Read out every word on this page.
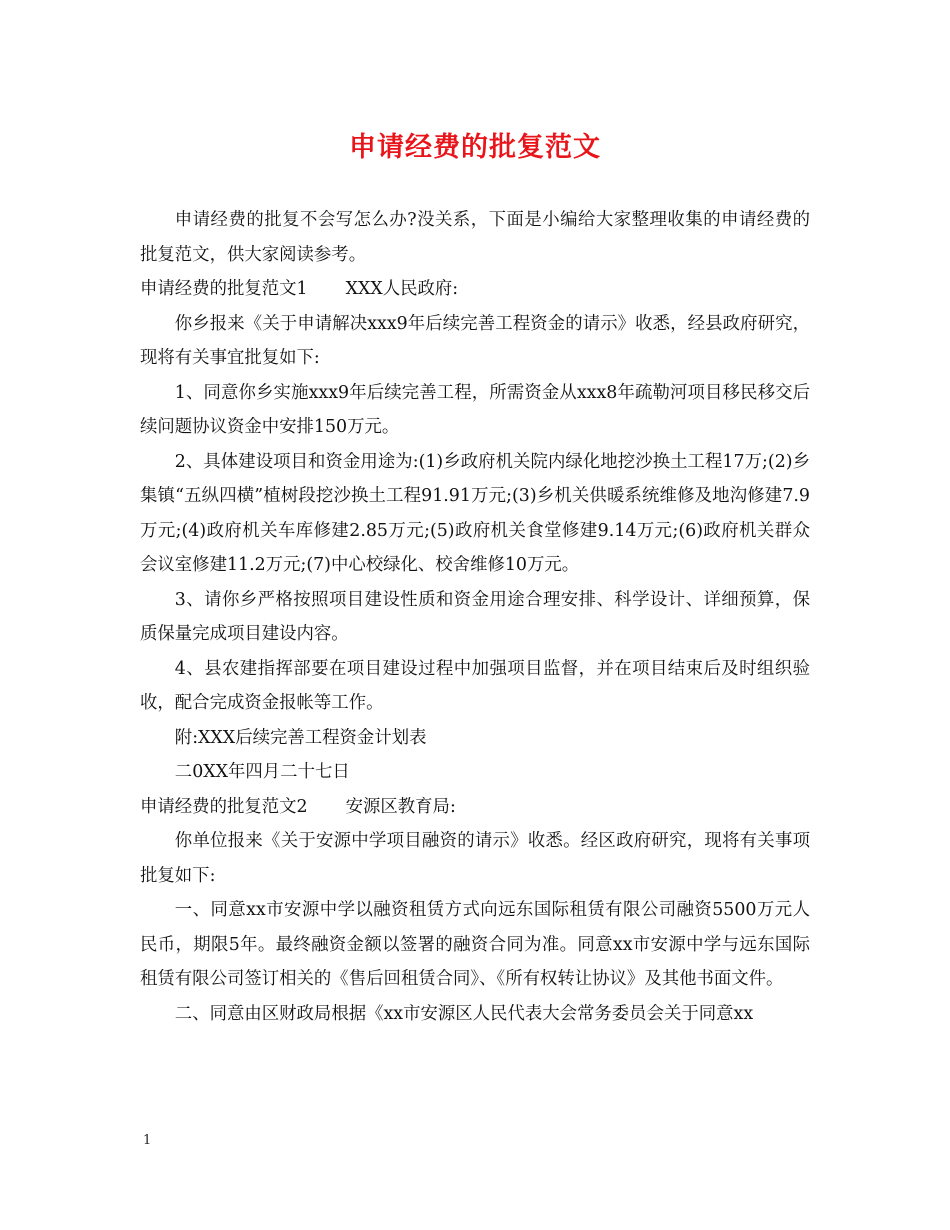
申请经费的批复范文

申请经费的批复不会写怎么办?没关系，下面是小编给大家整理收集的申请经费的批复范文，供大家阅读参考。

申请经费的批复范文1 XXX人民政府:

你乡报来《关于申请解决xxx9年后续完善工程资金的请示》收悉，经县政府研究，现将有关事宜批复如下:

1、同意你乡实施xxx9年后续完善工程，所需资金从xxx8年疏勒河项目移民移交后续问题协议资金中安排150万元。

2、具体建设项目和资金用途为:(1)乡政府机关院内绿化地挖沙换土工程17万;(2)乡集镇“五纵四横”植树段挖沙换土工程91.91万元;(3)乡机关供暖系统维修及地沟修建7.9万元;(4)政府机关车库修建2.85万元;(5)政府机关食堂修建9.14万元;(6)政府机关群众会议室修建11.2万元;(7)中心校绿化、校舍维修10万元。

3、请你乡严格按照项目建设性质和资金用途合理安排、科学设计、详细预算，保质保量完成项目建设内容。

4、县农建指挥部要在项目建设过程中加强项目监督，并在项目结束后及时组织验收，配合完成资金报帐等工作。

附:XXX后续完善工程资金计划表

二0XX年四月二十七日

申请经费的批复范文2 安源区教育局:

你单位报来《关于安源中学项目融资的请示》收悉。经区政府研究，现将有关事项批复如下:

一、同意xx市安源中学以融资租赁方式向远东国际租赁有限公司融资5500万元人民币，期限5年。最终融资金额以签署的融资合同为准。同意xx市安源中学与远东国际租赁有限公司签订相关的《售后回租赁合同》、《所有权转让协议》及其他书面文件。

二、同意由区财政局根据《xx市安源区人民代表大会常务委员会关于同意xx

1
